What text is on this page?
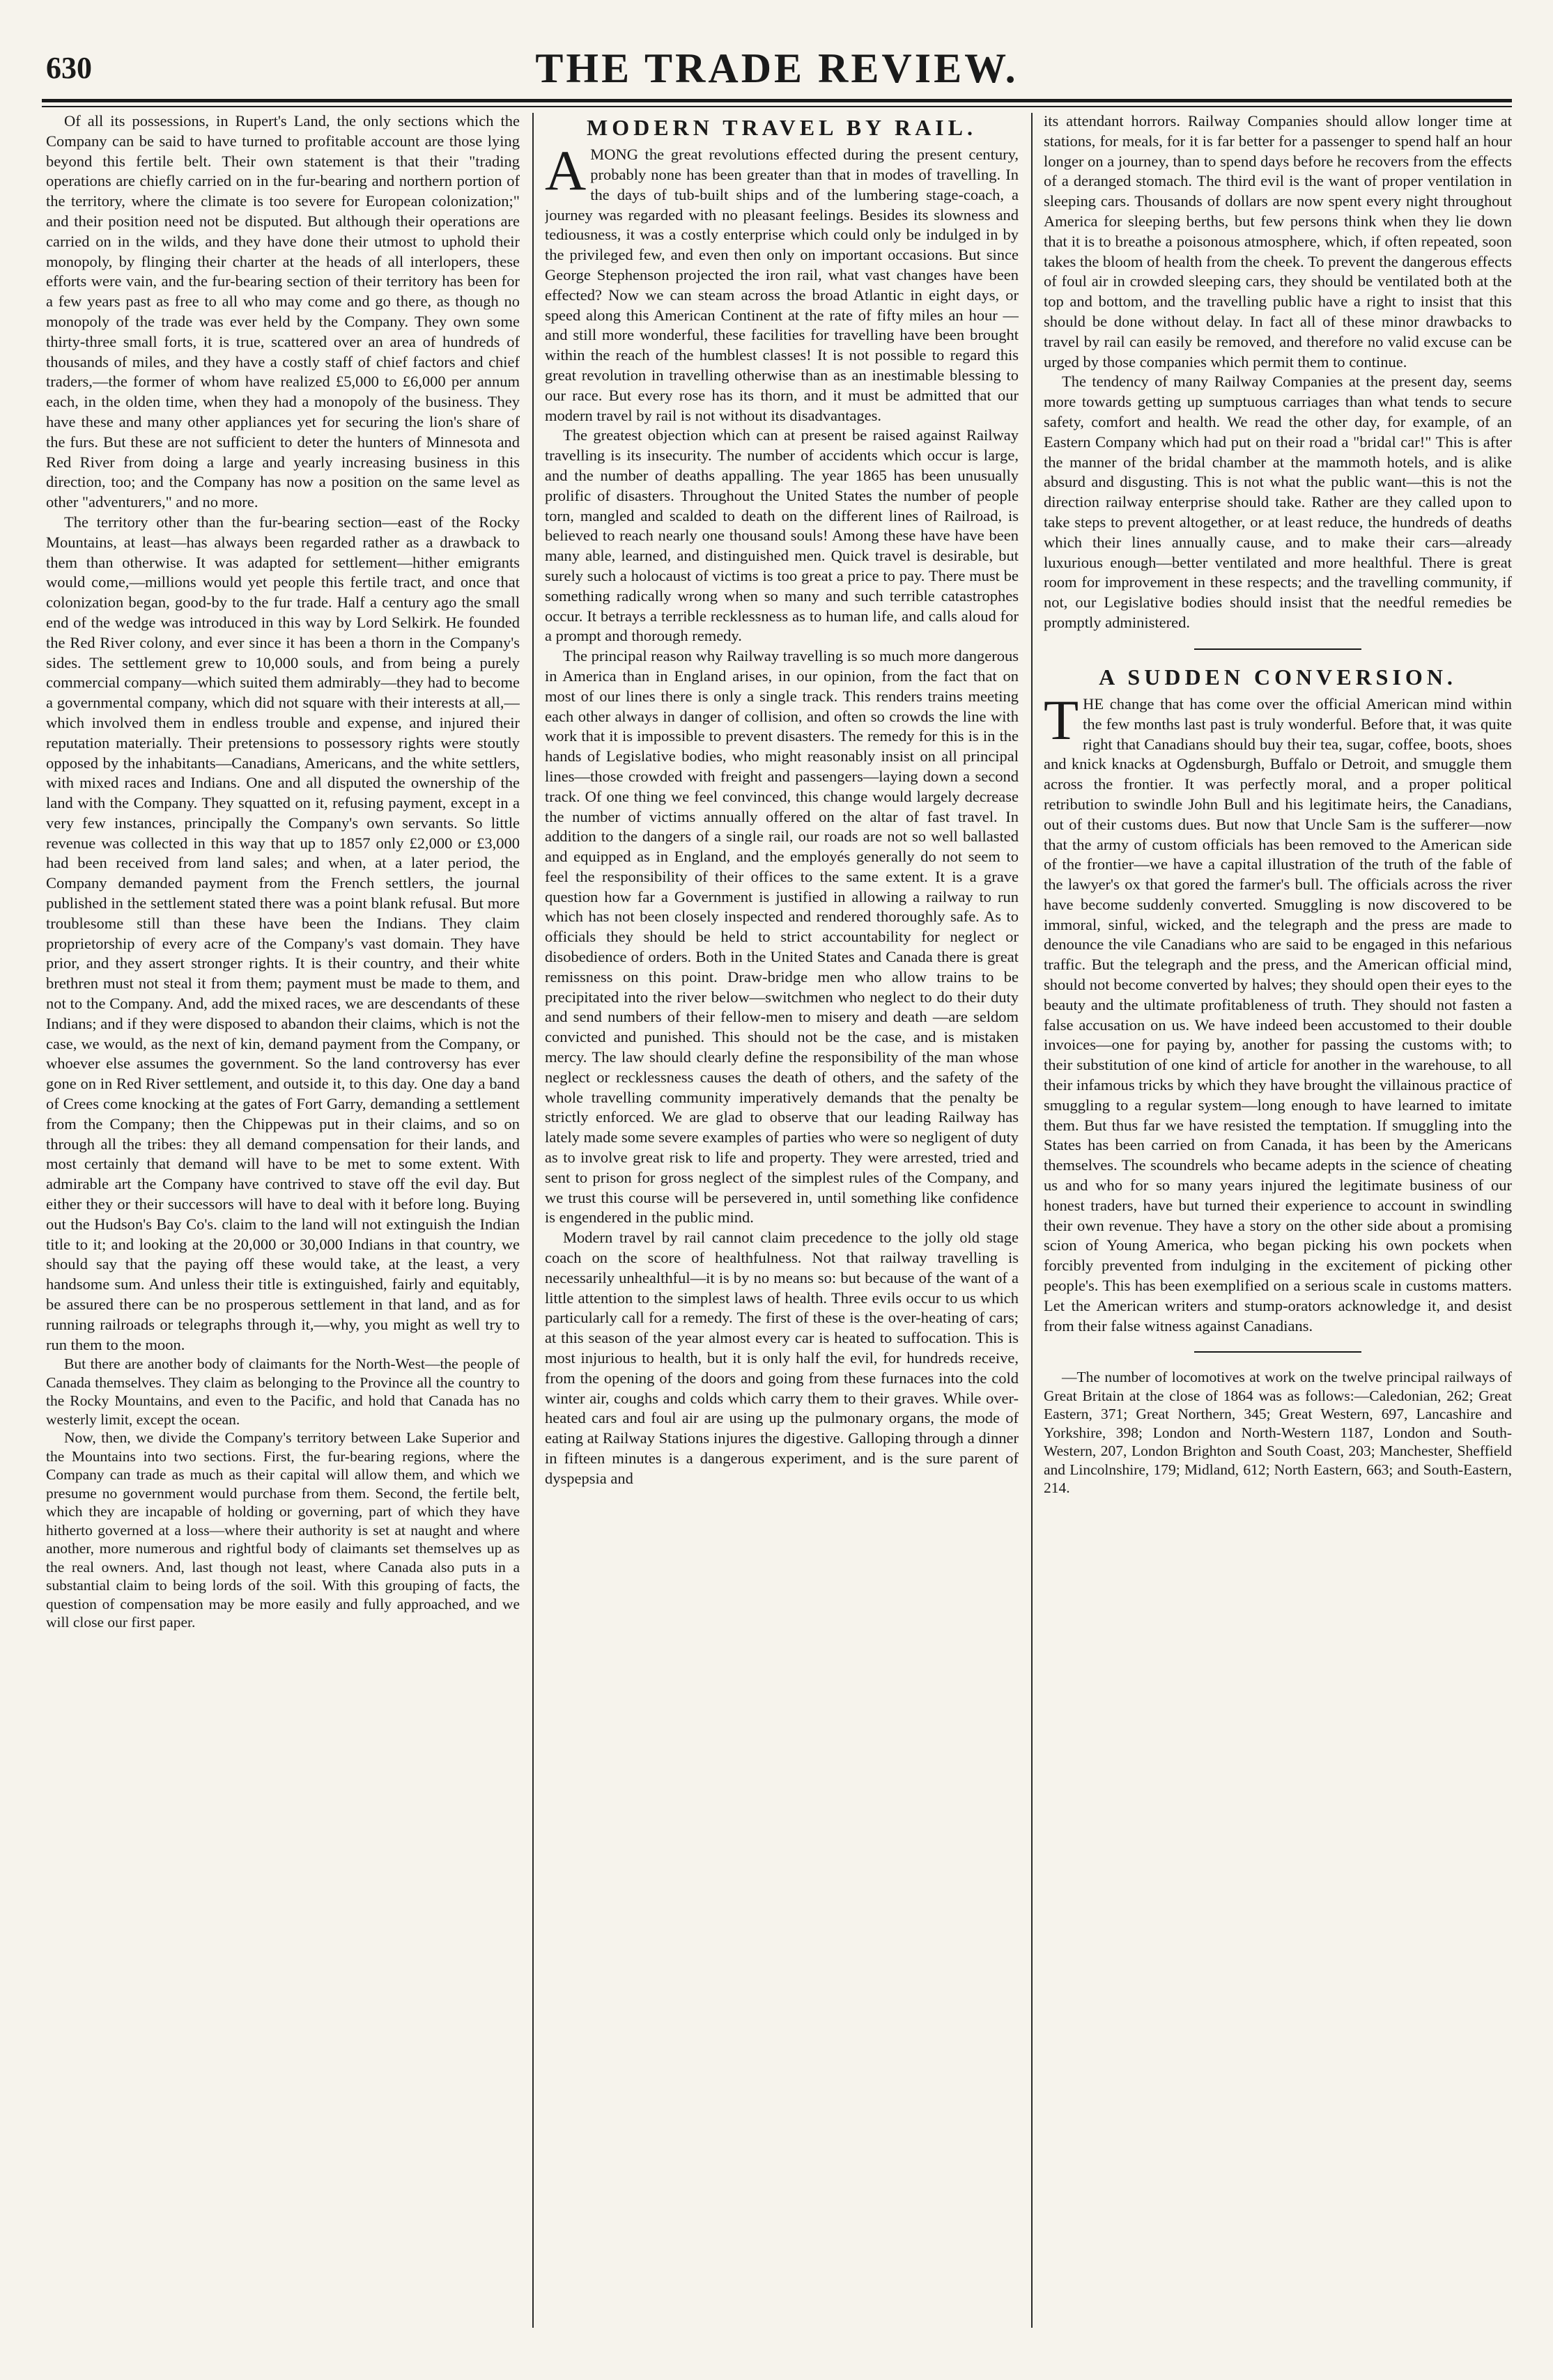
630	THE TRADE REVIEW.

Of all its possessions, in Rupert's Land, the only sections which the Company can be said to have turned to profitable account are those lying beyond this fertile belt. Their own statement is that their "trading operations are chiefly carried on in the fur-bearing and northern portion of the territory, where the climate is too severe for European colonization;" and their position need not be disputed. But although their operations are carried on in the wilds, and they have done their utmost to uphold their monopoly, by flinging their charter at the heads of all interlopers, these efforts were vain, and the fur-bearing section of their territory has been for a few years past as free to all who may come and go there, as though no monopoly of the trade was ever held by the Company. They own some thirty-three small forts, it is true, scattered over an area of hundreds of thousands of miles, and they have a costly staff of chief factors and chief traders,—the former of whom have realized £5,000 to £6,000 per annum each, in the olden time, when they had a monopoly of the business. They have these and many other appliances yet for securing the lion's share of the furs. But these are not sufficient to deter the hunters of Minnesota and Red River from doing a large and yearly increasing business in this direction, too; and the Company has now a position on the same level as other "adventurers," and no more.

The territory other than the fur-bearing section—east of the Rocky Mountains, at least—has always been regarded rather as a drawback to them than otherwise. It was adapted for settlement—hither emigrants would come,—millions would yet people this fertile tract, and once that colonization began, good-by to the fur trade. Half a century ago the small end of the wedge was introduced in this way by Lord Selkirk. He founded the Red River colony, and ever since it has been a thorn in the Company's sides. The settlement grew to 10,000 souls, and from being a purely commercial company—which suited them admirably—they had to become a governmental company, which did not square with their interests at all,—which involved them in endless trouble and expense, and injured their reputation materially. Their pretensions to possessory rights were stoutly opposed by the inhabitants—Canadians, Americans, and the white settlers, with mixed races and Indians. One and all disputed the ownership of the land with the Company. They squatted on it, refusing payment, except in a very few instances, principally the Company's own servants. So little revenue was collected in this way that up to 1857 only £2,000 or £3,000 had been received from land sales; and when, at a later period, the Company demanded payment from the French settlers, the journal published in the settlement stated there was a point blank refusal. But more troublesome still than these have been the Indians. They claim proprietorship of every acre of the Company's vast domain. They have prior, and they assert stronger rights. It is their country, and their white brethren must not steal it from them; payment must be made to them, and not to the Company. And, add the mixed races, we are descendants of these Indians; and if they were disposed to abandon their claims, which is not the case, we would, as the next of kin, demand payment from the Company, or whoever else assumes the government. So the land controversy has ever gone on in Red River settlement, and outside it, to this day. One day a band of Crees come knocking at the gates of Fort Garry, demanding a settlement from the Company; then the Chippewas put in their claims, and so on through all the tribes: they all demand compensation for their lands, and most certainly that demand will have to be met to some extent. With admirable art the Company have contrived to stave off the evil day. But either they or their successors will have to deal with it before long. Buying out the Hudson's Bay Co's. claim to the land will not extinguish the Indian title to it; and looking at the 20,000 or 30,000 Indians in that country, we should say that the paying off these would take, at the least, a very handsome sum. And unless their title is extinguished, fairly and equitably, be assured there can be no prosperous settlement in that land, and as for running railroads or telegraphs through it,—why, you might as well try to run them to the moon.

But there are another body of claimants for the North-West—the people of Canada themselves. They claim as belonging to the Province all the country to the Rocky Mountains, and even to the Pacific, and hold that Canada has no westerly limit, except the ocean.

Now, then, we divide the Company's territory between Lake Superior and the Mountains into two sections. First, the fur-bearing regions, where the Company can trade as much as their capital will allow them, and which we presume no government would purchase from them. Second, the fertile belt, which they are incapable of holding or governing, part of which they have hitherto governed at a loss—where their authority is set at naught and where another, more numerous and rightful body of claimants set themselves up as the real owners. And, last though not least, where Canada also puts in a substantial claim to being lords of the soil. With this grouping of facts, the question of compensation may be more easily and fully approached, and we will close our first paper.

MODERN TRAVEL BY RAIL.

AMONG the great revolutions effected during the present century, probably none has been greater than that in modes of travelling. In the days of tub-built ships and of the lumbering stage-coach, a journey was regarded with no pleasant feelings. Besides its slowness and tediousness, it was a costly enterprise which could only be indulged in by the privileged few, and even then only on important occasions. But since George Stephenson projected the iron rail, what vast changes have been effected? Now we can steam across the broad Atlantic in eight days, or speed along this American Continent at the rate of fifty miles an hour —and still more wonderful, these facilities for travelling have been brought within the reach of the humblest classes! It is not possible to regard this great revolution in travelling otherwise than as an inestimable blessing to our race. But every rose has its thorn, and it must be admitted that our modern travel by rail is not without its disadvantages.

The greatest objection which can at present be raised against Railway travelling is its insecurity. The number of accidents which occur is large, and the number of deaths appalling. The year 1865 has been unusually prolific of disasters. Throughout the United States the number of people torn, mangled and scalded to death on the different lines of Railroad, is believed to reach nearly one thousand souls! Among these have have been many able, learned, and distinguished men. Quick travel is desirable, but surely such a holocaust of victims is too great a price to pay. There must be something radically wrong when so many and such terrible catastrophes occur. It betrays a terrible recklessness as to human life, and calls aloud for a prompt and thorough remedy.

The principal reason why Railway travelling is so much more dangerous in America than in England arises, in our opinion, from the fact that on most of our lines there is only a single track. This renders trains meeting each other always in danger of collision, and often so crowds the line with work that it is impossible to prevent disasters. The remedy for this is in the hands of Legislative bodies, who might reasonably insist on all principal lines—those crowded with freight and passengers—laying down a second track. Of one thing we feel convinced, this change would largely decrease the number of victims annually offered on the altar of fast travel. In addition to the dangers of a single rail, our roads are not so well ballasted and equipped as in England, and the employés generally do not seem to feel the responsibility of their offices to the same extent. It is a grave question how far a Government is justified in allowing a railway to run which has not been closely inspected and rendered thoroughly safe. As to officials they should be held to strict accountability for neglect or disobedience of orders. Both in the United States and Canada there is great remissness on this point. Draw-bridge men who allow trains to be precipitated into the river below—switchmen who neglect to do their duty and send numbers of their fellow-men to misery and death —are seldom convicted and punished. This should not be the case, and is mistaken mercy. The law should clearly define the responsibility of the man whose neglect or recklessness causes the death of others, and the safety of the whole travelling community imperatively demands that the penalty be strictly enforced. We are glad to observe that our leading Railway has lately made some severe examples of parties who were so negligent of duty as to involve great risk to life and property. They were arrested, tried and sent to prison for gross neglect of the simplest rules of the Company, and we trust this course will be persevered in, until something like confidence is engendered in the public mind.

Modern travel by rail cannot claim precedence to the jolly old stage coach on the score of healthfulness. Not that railway travelling is necessarily unhealthful—it is by no means so: but because of the want of a little attention to the simplest laws of health. Three evils occur to us which particularly call for a remedy. The first of these is the over-heating of cars; at this season of the year almost every car is heated to suffocation. This is most injurious to health, but it is only half the evil, for hundreds receive, from the opening of the doors and going from these furnaces into the cold winter air, coughs and colds which carry them to their graves. While over-heated cars and foul air are using up the pulmonary organs, the mode of eating at Railway Stations injures the digestive. Galloping through a dinner in fifteen minutes is a dangerous experiment, and is the sure parent of dyspepsia and

its attendant horrors. Railway Companies should allow longer time at stations, for meals, for it is far better for a passenger to spend half an hour longer on a journey, than to spend days before he recovers from the effects of a deranged stomach. The third evil is the want of proper ventilation in sleeping cars. Thousands of dollars are now spent every night throughout America for sleeping berths, but few persons think when they lie down that it is to breathe a poisonous atmosphere, which, if often repeated, soon takes the bloom of health from the cheek. To prevent the dangerous effects of foul air in crowded sleeping cars, they should be ventilated both at the top and bottom, and the travelling public have a right to insist that this should be done without delay. In fact all of these minor drawbacks to travel by rail can easily be removed, and therefore no valid excuse can be urged by those companies which permit them to continue.

The tendency of many Railway Companies at the present day, seems more towards getting up sumptuous carriages than what tends to secure safety, comfort and health. We read the other day, for example, of an Eastern Company which had put on their road a "bridal car!" This is after the manner of the bridal chamber at the mammoth hotels, and is alike absurd and disgusting. This is not what the public want—this is not the direction railway enterprise should take. Rather are they called upon to take steps to prevent altogether, or at least reduce, the hundreds of deaths which their lines annually cause, and to make their cars—already luxurious enough—better ventilated and more healthful. There is great room for improvement in these respects; and the travelling community, if not, our Legislative bodies should insist that the needful remedies be promptly administered.

A SUDDEN CONVERSION.

THE change that has come over the official American mind within the few months last past is truly wonderful. Before that, it was quite right that Canadians should buy their tea, sugar, coffee, boots, shoes and knick knacks at Ogdensburgh, Buffalo or Detroit, and smuggle them across the frontier. It was perfectly moral, and a proper political retribution to swindle John Bull and his legitimate heirs, the Canadians, out of their customs dues. But now that Uncle Sam is the sufferer—now that the army of custom officials has been removed to the American side of the frontier—we have a capital illustration of the truth of the fable of the lawyer's ox that gored the farmer's bull. The officials across the river have become suddenly converted. Smuggling is now discovered to be immoral, sinful, wicked, and the telegraph and the press are made to denounce the vile Canadians who are said to be engaged in this nefarious traffic. But the telegraph and the press, and the American official mind, should not become converted by halves; they should open their eyes to the beauty and the ultimate profitableness of truth. They should not fasten a false accusation on us. We have indeed been accustomed to their double invoices—one for paying by, another for passing the customs with; to their substitution of one kind of article for another in the warehouse, to all their infamous tricks by which they have brought the villainous practice of smuggling to a regular system—long enough to have learned to imitate them. But thus far we have resisted the temptation. If smuggling into the States has been carried on from Canada, it has been by the Americans themselves. The scoundrels who became adepts in the science of cheating us and who for so many years injured the legitimate business of our honest traders, have but turned their experience to account in swindling their own revenue. They have a story on the other side about a promising scion of Young America, who began picking his own pockets when forcibly prevented from indulging in the excitement of picking other people's. This has been exemplified on a serious scale in customs matters. Let the American writers and stump-orators acknowledge it, and desist from their false witness against Canadians.

—The number of locomotives at work on the twelve principal railways of Great Britain at the close of 1864 was as follows:—Caledonian, 262; Great Eastern, 371; Great Northern, 345; Great Western, 697, Lancashire and Yorkshire, 398; London and North-Western 1187, London and South-Western, 207, London Brighton and South Coast, 203; Manchester, Sheffield and Lincolnshire, 179; Midland, 612; North Eastern, 663; and South-Eastern, 214.
